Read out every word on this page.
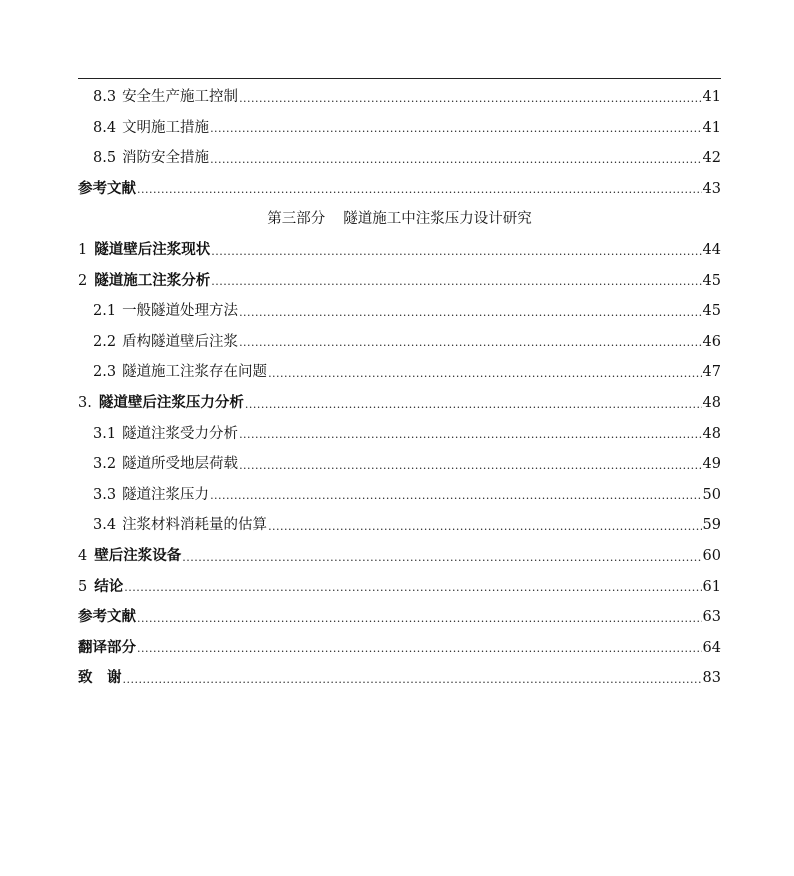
8.3 安全生产施工控制 .....	41
8.4 文明施工措施 .....	41
8.5 消防安全措施 .....	42
参考文献 .....	43
第三部分 隧道施工中注浆压力设计研究
1 隧道壁后注浆现状 .....	44
2 隧道施工注浆分析 .....	45
2.1 一般隧道处理方法 .....	45
2.2 盾构隧道壁后注浆 .....	46
2.3 隧道施工注浆存在问题 .....	47
3. 隧道壁后注浆压力分析 .....	48
3.1 隧道注浆受力分析 .....	48
3.2 隧道所受地层荷载 .....	49
3.3 隧道注浆压力 .....	50
3.4 注浆材料消耗量的估算 .....	59
4 壁后注浆设备 .....	60
5 结论 .....	61
参考文献 .....	63
翻译部分 .....	64
致　谢 .....	83
